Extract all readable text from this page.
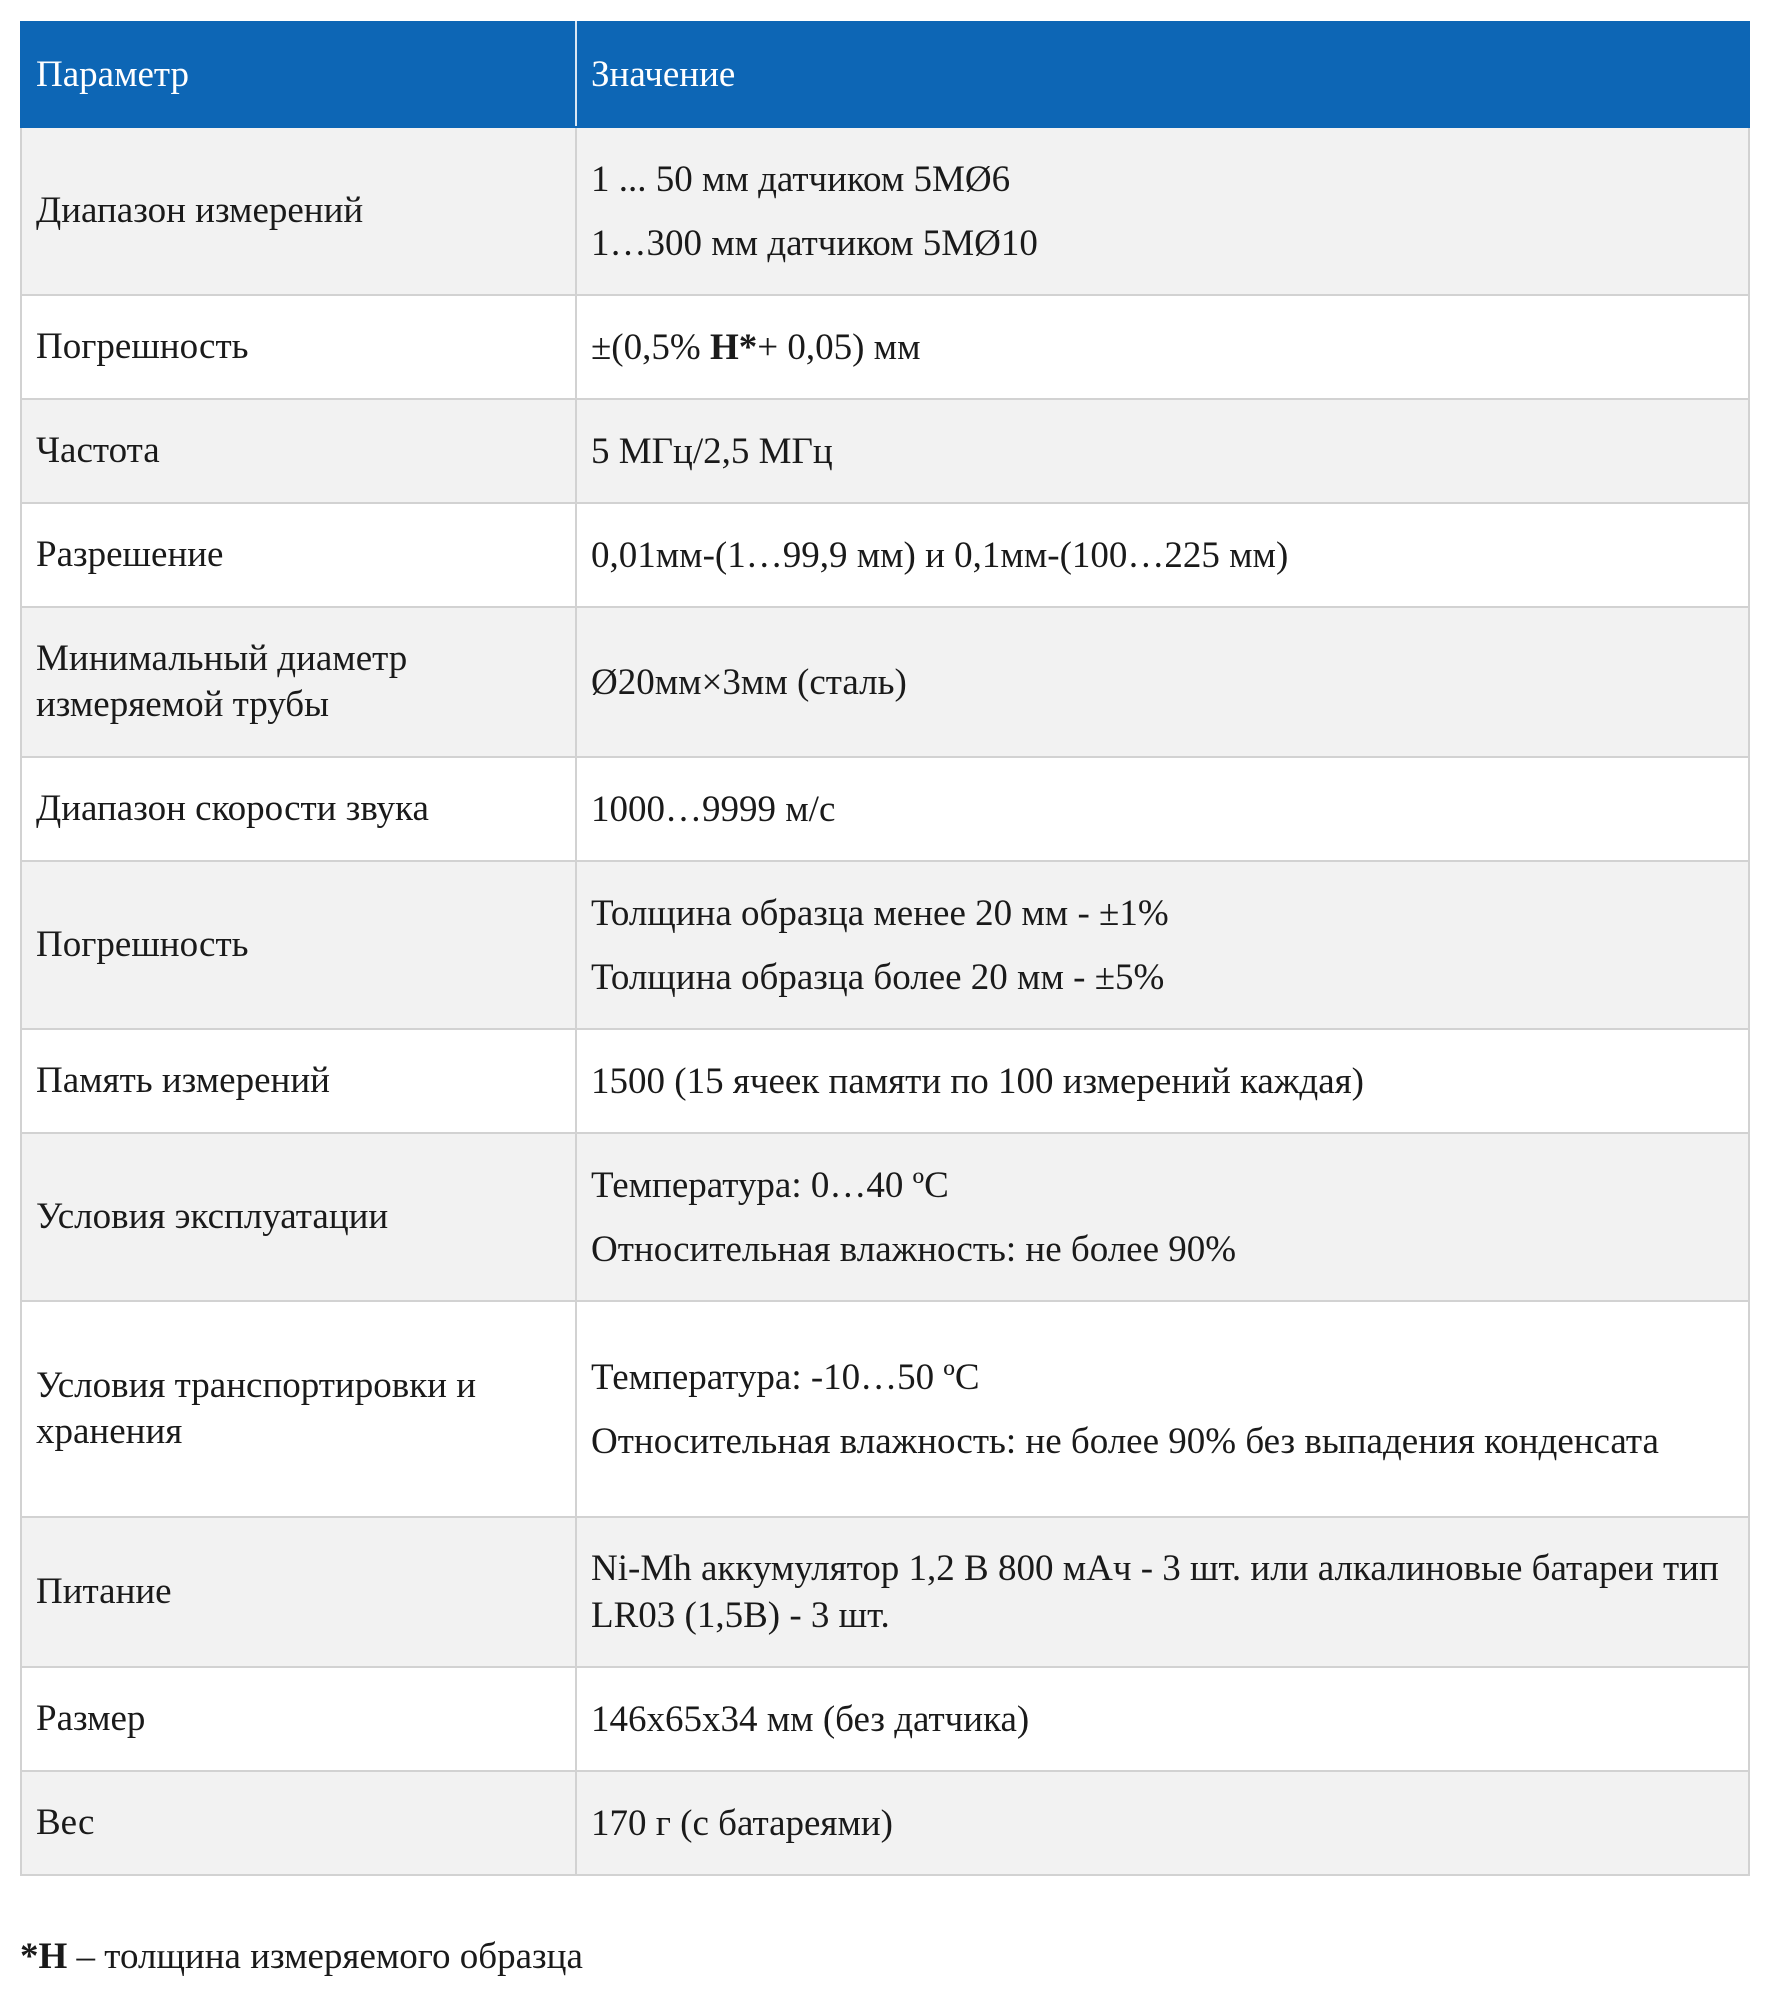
Параметр	Значение
Диапазон измерений	1 ... 50 мм датчиком 5MØ6

1…300 мм датчиком 5MØ10

Погрешность	±(0,5% H*+ 0,05) мм

Частота	5 МГц/2,5 МГц

Разрешение	0,01мм-(1…99,9 мм) и 0,1мм-(100…225 мм)

Минимальный диаметр измеряемой трубы	Ø20мм×3мм (сталь)

Диапазон скорости звука	1000…9999 м/с

Погрешность	Толщина образца менее 20 мм - ±1%

Толщина образца более 20 мм - ±5%

Память измерений	1500 (15 ячеек памяти по 100 измерений каждая)

Условия эксплуатации	Температура: 0…40 ºC

Относительная влажность: не более 90%

Условия транспортировки и хранения	Температура: -10…50 ºC

Относительная влажность: не более 90% без выпадения конденсата

Питание	Ni-Mh аккумулятор 1,2 В 800 мАч - 3 шт. или алкалиновые батареи тип LR03 (1,5В) - 3 шт.

Размер	146x65x34 мм (без датчика)

Вес	170 г (с батареями)

*H – толщина измеряемого образца
